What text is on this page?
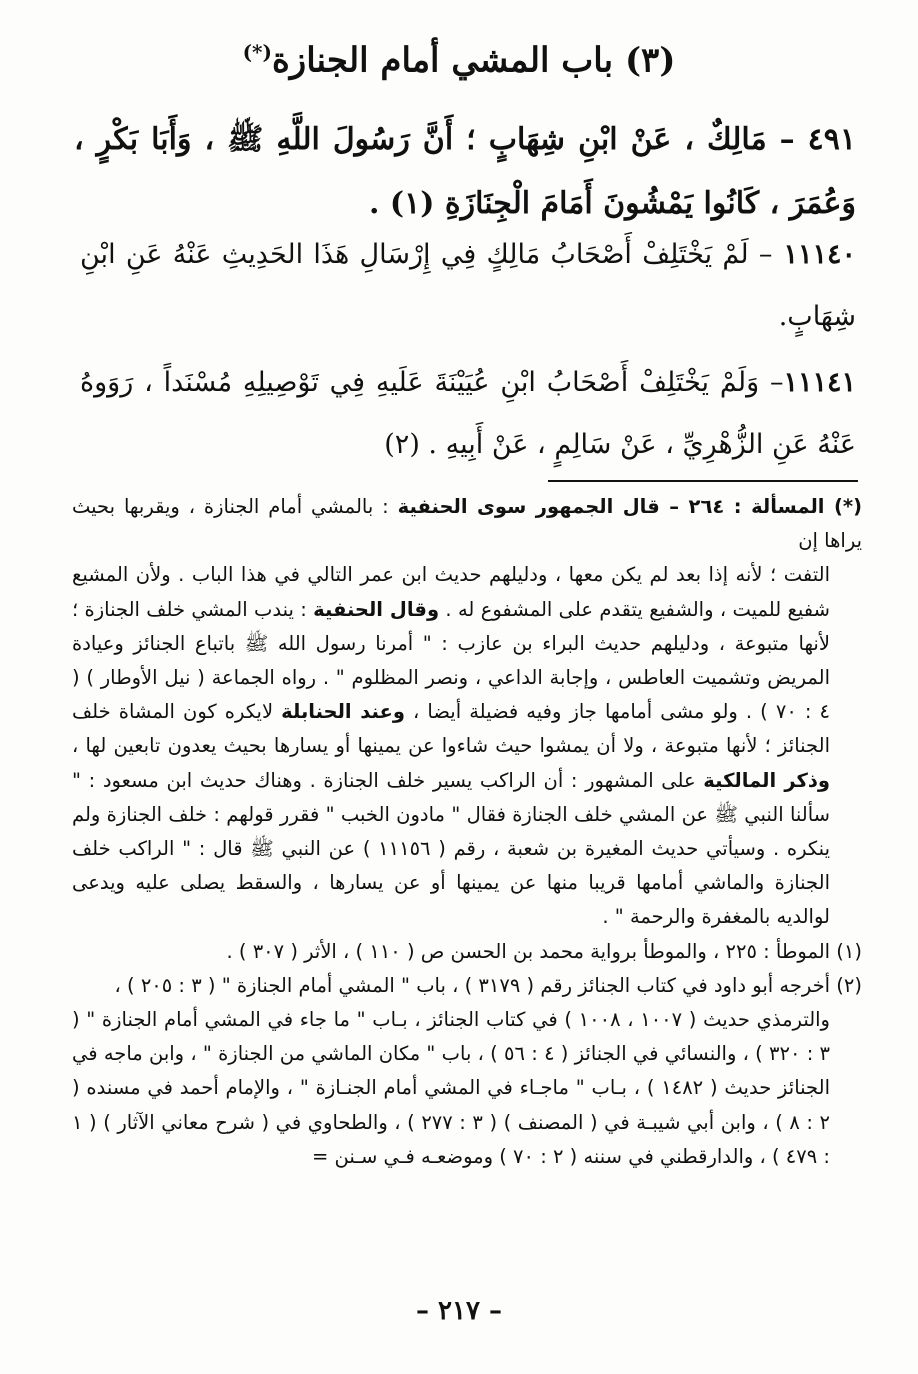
(٣) باب المشي أمام الجنازة(*)
٤٩١ – مَالِكٌ ، عَنْ ابْنِ شِهَابٍ ؛ أَنَّ رَسُولَ اللَّهِ ﷺ ، وَأَبَا بَكْرٍ ، وَعُمَرَ ، كَانُوا يَمْشُونَ أَمَامَ الْجِنَازَةِ (١) .
١١١٤٠ – لَمْ يَخْتَلِفْ أَصْحَابُ مَالِكٍ فِي إِرْسَالِ هَذَا الحَدِيثِ عَنْهُ عَنِ ابْنِ شِهَابٍ.
١١١٤١– وَلَمْ يَخْتَلِفْ أَصْحَابُ ابْنِ عُيَيْنَةَ عَلَيهِ فِي تَوْصِيلِهِ مُسْنَداً ، رَوَوهُ عَنْهُ عَنِ الزُّهْرِيِّ ، عَنْ سَالِمٍ ، عَنْ أَبِيهِ . (٢)

(*) المسألة : ٢٦٤ – قال الجمهور سوى الحنفية : بالمشي أمام الجنازة ، ويقربها بحيث يراها إن

التفت ؛ لأنه إذا بعد لم يكن معها ، ودليلهم حديث ابن عمر التالي في هذا الباب . ولأن المشيع شفيع للميت ، والشفيع يتقدم على المشفوع له . وقال الحنفية : يندب المشي خلف الجنازة ؛ لأنها متبوعة ، ودليلهم حديث البراء بن عازب : " أمرنا رسول الله ﷺ باتباع الجنائز وعيادة المريض وتشميت العاطس ، وإجابة الداعي ، ونصر المظلوم " . رواه الجماعة ( نيل الأوطار ) ( ٤ : ٧٠ ) . ولو مشى أمامها جاز وفيه فضيلة أيضا ، وعند الحنابلة لايكره كون المشاة خلف الجنائز ؛ لأنها متبوعة ، ولا أن يمشوا حيث شاءوا عن يمينها أو يسارها بحيث يعدون تابعين لها ، وذكر المالكية على المشهور : أن الراكب يسير خلف الجنازة . وهناك حديث ابن مسعود : " سألنا النبي ﷺ عن المشي خلف الجنازة فقال " مادون الخبب " فقرر قولهم : خلف الجنازة ولم ينكره . وسيأتي حديث المغيرة بن شعبة ، رقم ( ١١١٥٦ ) عن النبي ﷺ قال : " الراكب خلف الجنازة والماشي أمامها قريبا منها عن يمينها أو عن يسارها ، والسقط يصلى عليه ويدعى لوالديه بالمغفرة والرحمة " .

(١) الموطأ : ٢٢٥ ، والموطأ برواية محمد بن الحسن ص ( ١١٠ ) ، الأثر ( ٣٠٧ ) .

(٢) أخرجه أبو داود في كتاب الجنائز رقم ( ٣١٧٩ ) ، باب " المشي أمام الجنازة " ( ٣ : ٢٠٥ ) ،

والترمذي حديث ( ١٠٠٧ ، ١٠٠٨ ) في كتاب الجنائز ، بـاب " ما جاء في المشي أمام الجنازة " ( ٣ : ٣٢٠ ) ، والنسائي في الجنائز ( ٤ : ٥٦ ) ، باب " مكان الماشي من الجنازة " ، وابن ماجه في الجنائز حديث ( ١٤٨٢ ) ، بـاب " ماجـاء في المشي أمام الجنـازة " ، والإمام أحمد في مسنده ( ٢ : ٨ ) ، وابن أبي شيبـة في ( المصنف ) ( ٣ : ٢٧٧ ) ، والطحاوي في ( شرح معاني الآثار ) ( ١ : ٤٧٩ ) ، والدارقطني في سننه ( ٢ : ٧٠ ) وموضعـه فـي سـنن =

– ٢١٧ –
